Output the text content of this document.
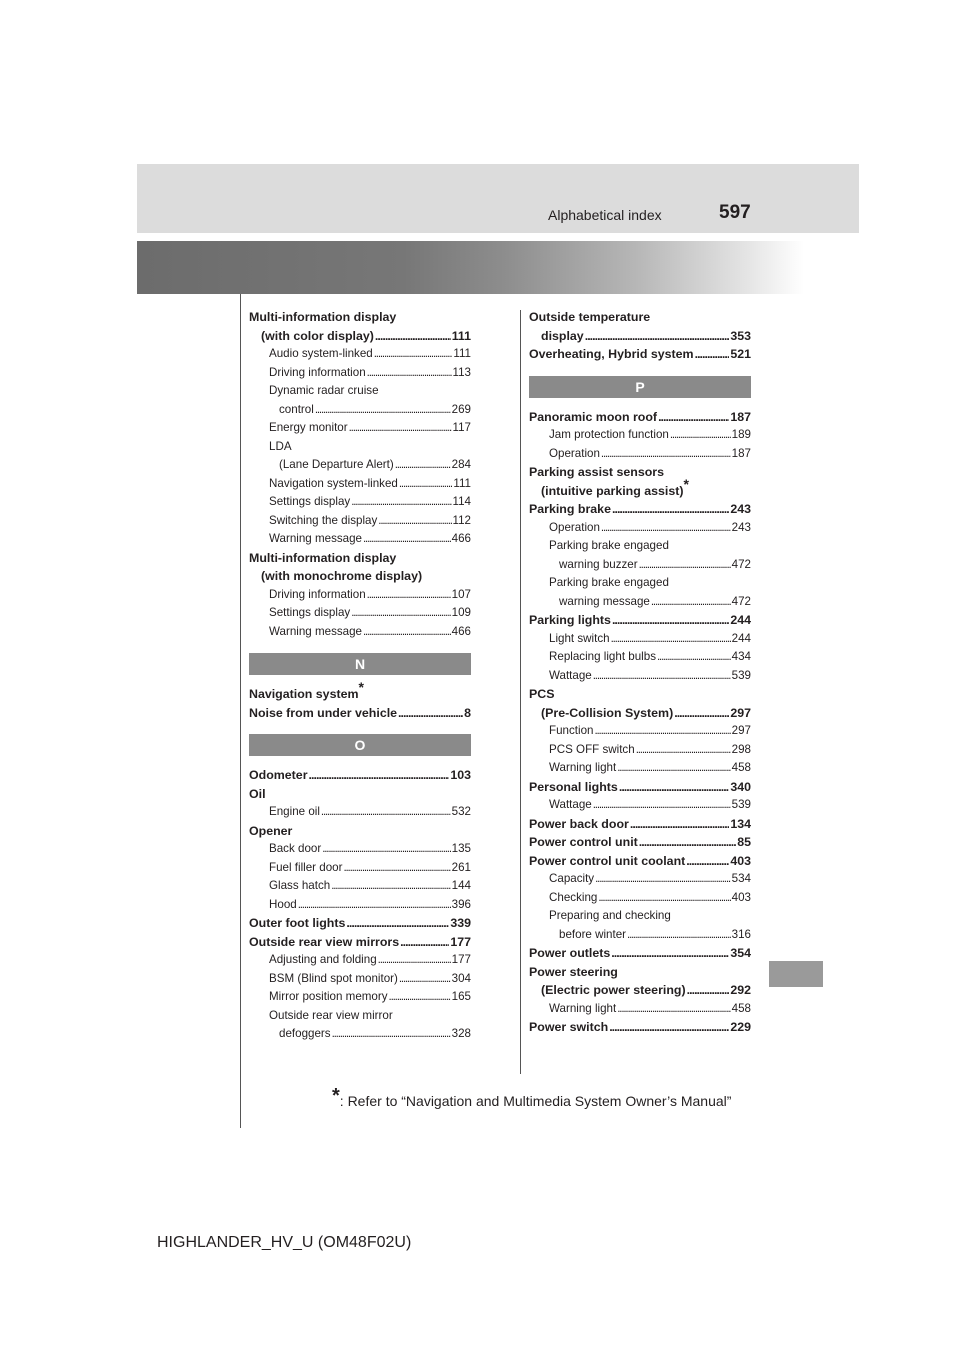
Alphabetical index	597
Multi-information display
(with color display) . . .	111
Audio system-linked . . .	111
Driving information . . .	113
Dynamic radar cruise
control . . .	269
Energy monitor . . .	117
LDA
(Lane Departure Alert) . . .	284
Navigation system-linked . . .	111
Settings display . . .	114
Switching the display . . .	112
Warning message . . .	466
Multi-information display
(with monochrome display)
Driving information . . .	107
Settings display . . .	109
Warning message . . .	466
N
Navigation system*
Noise from under vehicle . . .	8
O
Odometer . . .	103
Oil
Engine oil . . .	532
Opener
Back door . . .	135
Fuel filler door . . .	261
Glass hatch . . .	144
Hood . . .	396
Outer foot lights . . .	339
Outside rear view mirrors . . .	177
Adjusting and folding . . .	177
BSM (Blind spot monitor) . . .	304
Mirror position memory . . .	165
Outside rear view mirror
defoggers . . .	328
Outside temperature
display . . .	353
Overheating, Hybrid system . . .	521
P
Panoramic moon roof . . .	187
Jam protection function . . .	189
Operation . . .	187
Parking assist sensors
(intuitive parking assist)*
Parking brake . . .	243
Operation . . .	243
Parking brake engaged
warning buzzer . . .	472
Parking brake engaged
warning message . . .	472
Parking lights . . .	244
Light switch . . .	244
Replacing light bulbs . . .	434
Wattage . . .	539
PCS
(Pre-Collision System) . . .	297
Function . . .	297
PCS OFF switch . . .	298
Warning light . . .	458
Personal lights . . .	340
Wattage . . .	539
Power back door . . .	134
Power control unit . . .	85
Power control unit coolant . . .	403
Capacity . . .	534
Checking . . .	403
Preparing and checking
before winter . . .	316
Power outlets . . .	354
Power steering
(Electric power steering) . . .	292
Warning light . . .	458
Power switch . . .	229
*: Refer to “Navigation and Multimedia System Owner’s Manual”
HIGHLANDER_HV_U (OM48F02U)
